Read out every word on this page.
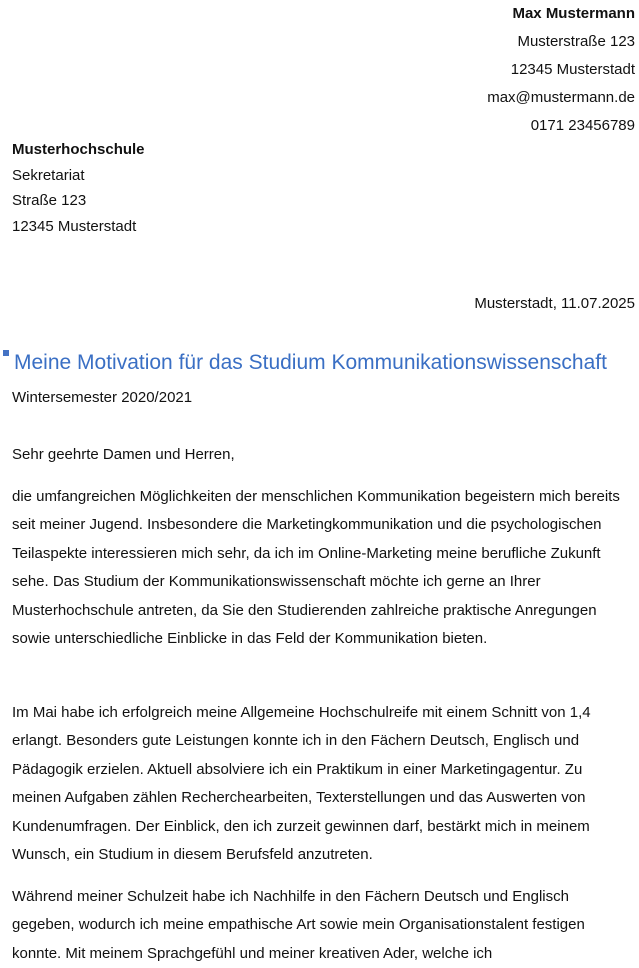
Max Mustermann
Musterstraße 123
12345 Musterstadt
max@mustermann.de
0171 23456789
Musterhochschule
Sekretariat
Straße 123
12345 Musterstadt
Musterstadt, 11.07.2025
Meine Motivation für das Studium Kommunikationswissenschaft
Wintersemester 2020/2021
Sehr geehrte Damen und Herren,

die umfangreichen Möglichkeiten der menschlichen Kommunikation begeistern mich bereits seit meiner Jugend. Insbesondere die Marketingkommunikation und die psychologischen Teilaspekte interessieren mich sehr, da ich im Online-Marketing meine berufliche Zukunft sehe. Das Studium der Kommunikationswissenschaft möchte ich gerne an Ihrer Musterhochschule antreten, da Sie den Studierenden zahlreiche praktische Anregungen sowie unterschiedliche Einblicke in das Feld der Kommunikation bieten.

Im Mai habe ich erfolgreich meine Allgemeine Hochschulreife mit einem Schnitt von 1,4 erlangt. Besonders gute Leistungen konnte ich in den Fächern Deutsch, Englisch und Pädagogik erzielen. Aktuell absolviere ich ein Praktikum in einer Marketingagentur. Zu meinen Aufgaben zählen Recherchearbeiten, Texterstellungen und das Auswerten von Kundenumfragen. Der Einblick, den ich zurzeit gewinnen darf, bestärkt mich in meinem Wunsch, ein Studium in diesem Berufsfeld anzutreten.

Während meiner Schulzeit habe ich Nachhilfe in den Fächern Deutsch und Englisch gegeben, wodurch ich meine empathische Art sowie mein Organisationstalent festigen konnte. Mit meinem Sprachgefühl und meiner kreativen Ader, welche ich
